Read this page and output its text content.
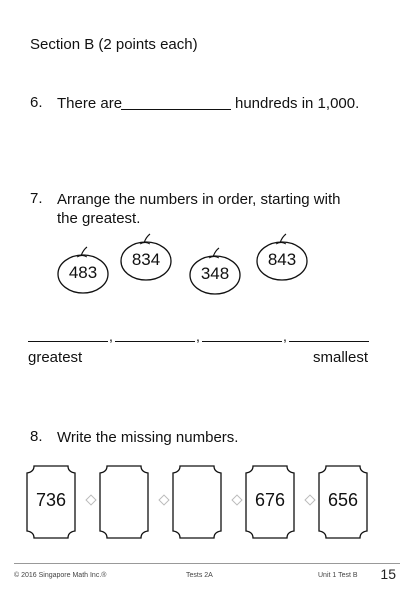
Section B (2 points each)
6. There are	hundreds in 1,000.
7. Arrange the numbers in order, starting with
the greatest.
483
834
348
843
,	,	,
greatest	smallest
8. Write the missing numbers.
736	676	656
© 2016 Singapore Math Inc.®	Tests 2A	Unit 1 Test B 15
